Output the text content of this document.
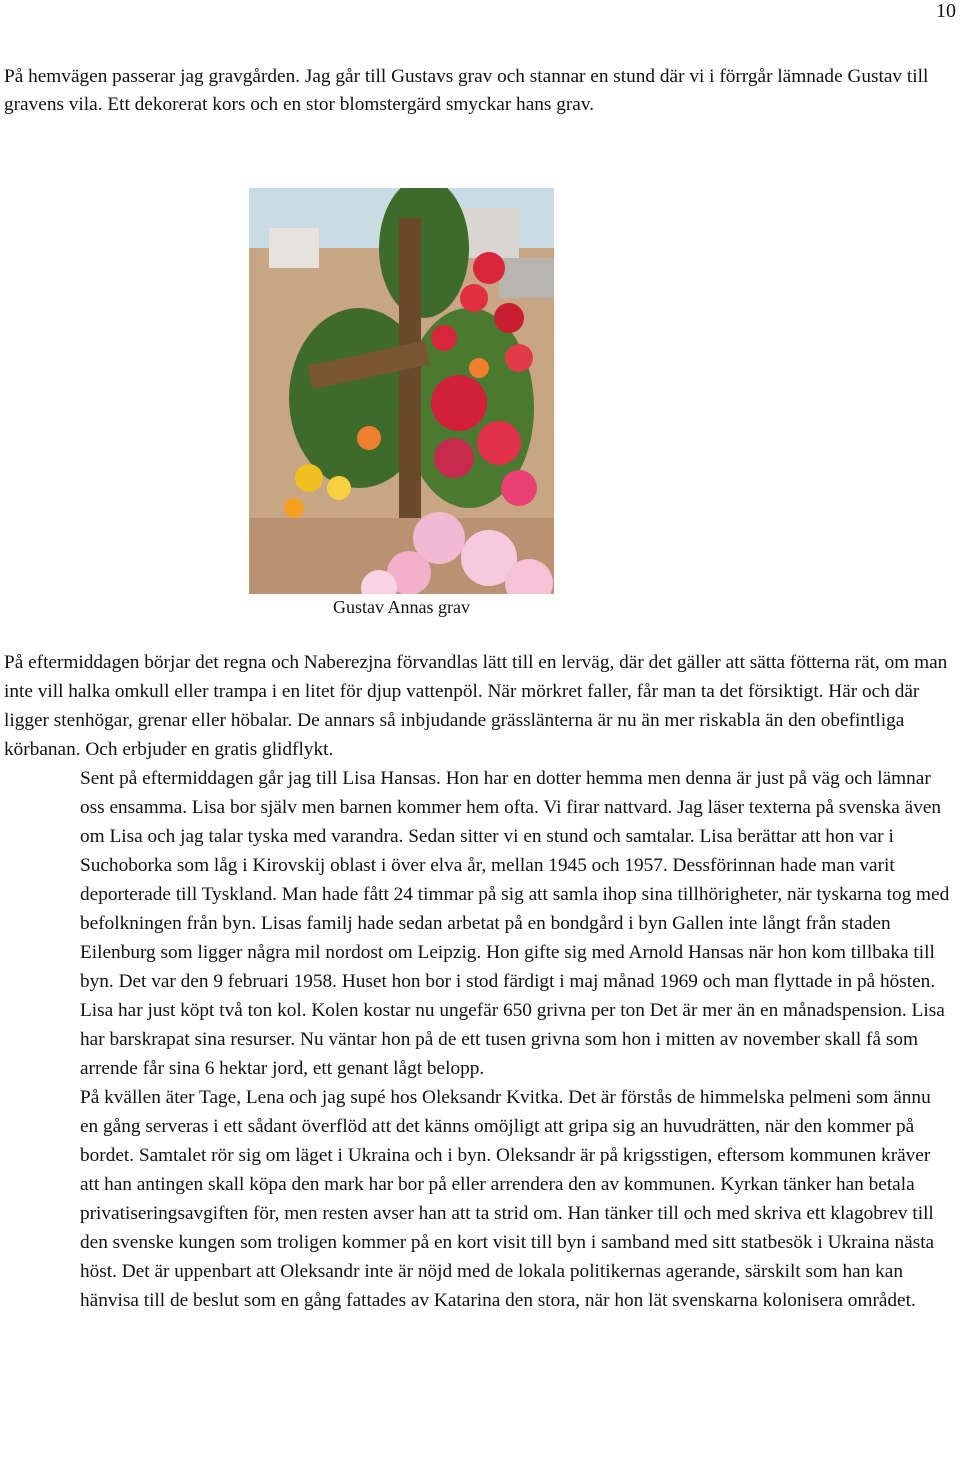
10

På hemvägen passerar jag gravgården. Jag går till Gustavs grav och stannar en stund där vi i förrgår lämnade Gustav till gravens vila. Ett dekorerat kors och en stor blomstergärd smyckar hans grav.

Gustav Annas grav
På eftermiddagen börjar det regna och Naberezjna förvandlas lätt till en lerväg, där det gäller att sätta fötterna rät, om man inte vill halka omkull eller trampa i en litet för djup vattenpöl. När mörkret faller, får man ta det försiktigt. Här och där ligger stenhögar, grenar eller höbalar. De annars så inbjudande grässlänterna är nu än mer riskabla än den obefintliga körbanan. Och erbjuder en gratis glidflykt.
Sent på eftermiddagen går jag till Lisa Hansas. Hon har en dotter hemma men denna är just på väg och lämnar oss ensamma. Lisa bor själv men barnen kommer hem ofta. Vi firar nattvard. Jag läser texterna på svenska även om Lisa och jag talar tyska med varandra. Sedan sitter vi en stund och samtalar. Lisa berättar att hon var i Suchoborka som låg i Kirovskij oblast i över elva år, mellan 1945 och 1957. Dessförinnan hade man varit deporterade till Tyskland. Man hade fått 24 timmar på sig att samla ihop sina tillhörigheter, när tyskarna tog med befolkningen från byn. Lisas familj hade sedan arbetat på en bondgård i byn Gallen inte långt från staden Eilenburg som ligger några mil nordost om Leipzig. Hon gifte sig med Arnold Hansas när hon kom tillbaka till byn. Det var den 9 februari 1958. Huset hon bor i stod färdigt i maj månad 1969 och man flyttade in på hösten. Lisa har just köpt två ton kol. Kolen kostar nu ungefär 650 grivna per ton Det är mer än en månadspension. Lisa har barskrapat sina resurser. Nu väntar hon på de ett tusen grivna som hon i mitten av november skall få som arrende får sina 6 hektar jord, ett genant lågt belopp.
På kvällen äter Tage, Lena och jag supé hos Oleksandr Kvitka. Det är förstås de himmelska pelmeni som ännu en gång serveras i ett sådant överflöd att det känns omöjligt att gripa sig an huvudrätten, när den kommer på bordet. Samtalet rör sig om läget i Ukraina och i byn. Oleksandr är på krigsstigen, eftersom kommunen kräver att han antingen skall köpa den mark har bor på eller arrendera den av kommunen. Kyrkan tänker han betala privatiseringsavgiften för, men resten avser han att ta strid om. Han tänker till och med skriva ett klagobrev till den svenske kungen som troligen kommer på en kort visit till byn i samband med sitt statbesök i Ukraina nästa höst. Det är uppenbart att Oleksandr inte är nöjd med de lokala politikernas agerande, särskilt som han kan hänvisa till de beslut som en gång fattades av Katarina den stora, när hon lät svenskarna kolonisera området.
